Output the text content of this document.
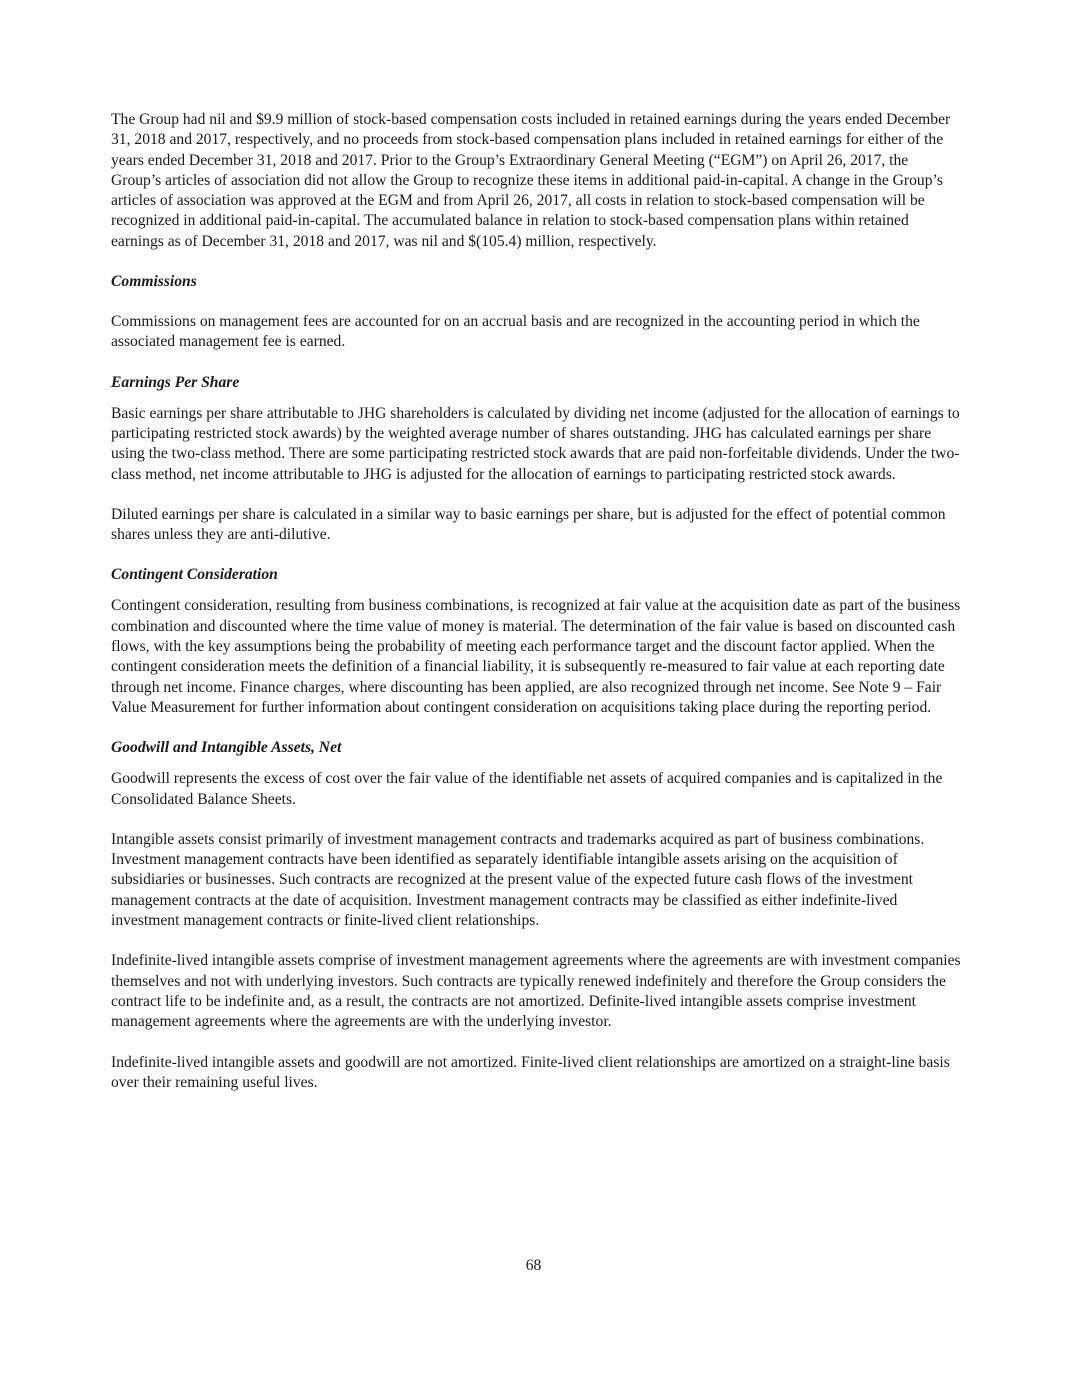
The Group had nil and $9.9 million of stock-based compensation costs included in retained earnings during the years ended December 31, 2018 and 2017, respectively, and no proceeds from stock-based compensation plans included in retained earnings for either of the years ended December 31, 2018 and 2017. Prior to the Group’s Extraordinary General Meeting (“EGM”) on April 26, 2017, the Group’s articles of association did not allow the Group to recognize these items in additional paid-in-capital. A change in the Group’s articles of association was approved at the EGM and from April 26, 2017, all costs in relation to stock-based compensation will be recognized in additional paid-in-capital. The accumulated balance in relation to stock-based compensation plans within retained earnings as of December 31, 2018 and 2017, was nil and $(105.4) million, respectively.

Commissions

Commissions on management fees are accounted for on an accrual basis and are recognized in the accounting period in which the associated management fee is earned.

Earnings Per Share

Basic earnings per share attributable to JHG shareholders is calculated by dividing net income (adjusted for the allocation of earnings to participating restricted stock awards) by the weighted average number of shares outstanding. JHG has calculated earnings per share using the two-class method. There are some participating restricted stock awards that are paid non-forfeitable dividends. Under the two-class method, net income attributable to JHG is adjusted for the allocation of earnings to participating restricted stock awards.

Diluted earnings per share is calculated in a similar way to basic earnings per share, but is adjusted for the effect of potential common shares unless they are anti-dilutive.

Contingent Consideration

Contingent consideration, resulting from business combinations, is recognized at fair value at the acquisition date as part of the business combination and discounted where the time value of money is material. The determination of the fair value is based on discounted cash flows, with the key assumptions being the probability of meeting each performance target and the discount factor applied. When the contingent consideration meets the definition of a financial liability, it is subsequently re-measured to fair value at each reporting date through net income. Finance charges, where discounting has been applied, are also recognized through net income. See Note 9 – Fair Value Measurement for further information about contingent consideration on acquisitions taking place during the reporting period.

Goodwill and Intangible Assets, Net

Goodwill represents the excess of cost over the fair value of the identifiable net assets of acquired companies and is capitalized in the Consolidated Balance Sheets.

Intangible assets consist primarily of investment management contracts and trademarks acquired as part of business combinations. Investment management contracts have been identified as separately identifiable intangible assets arising on the acquisition of subsidiaries or businesses. Such contracts are recognized at the present value of the expected future cash flows of the investment management contracts at the date of acquisition. Investment management contracts may be classified as either indefinite-lived investment management contracts or finite-lived client relationships.

Indefinite-lived intangible assets comprise of investment management agreements where the agreements are with investment companies themselves and not with underlying investors. Such contracts are typically renewed indefinitely and therefore the Group considers the contract life to be indefinite and, as a result, the contracts are not amortized. Definite-lived intangible assets comprise investment management agreements where the agreements are with the underlying investor.

Indefinite-lived intangible assets and goodwill are not amortized. Finite-lived client relationships are amortized on a straight-line basis over their remaining useful lives.

68
